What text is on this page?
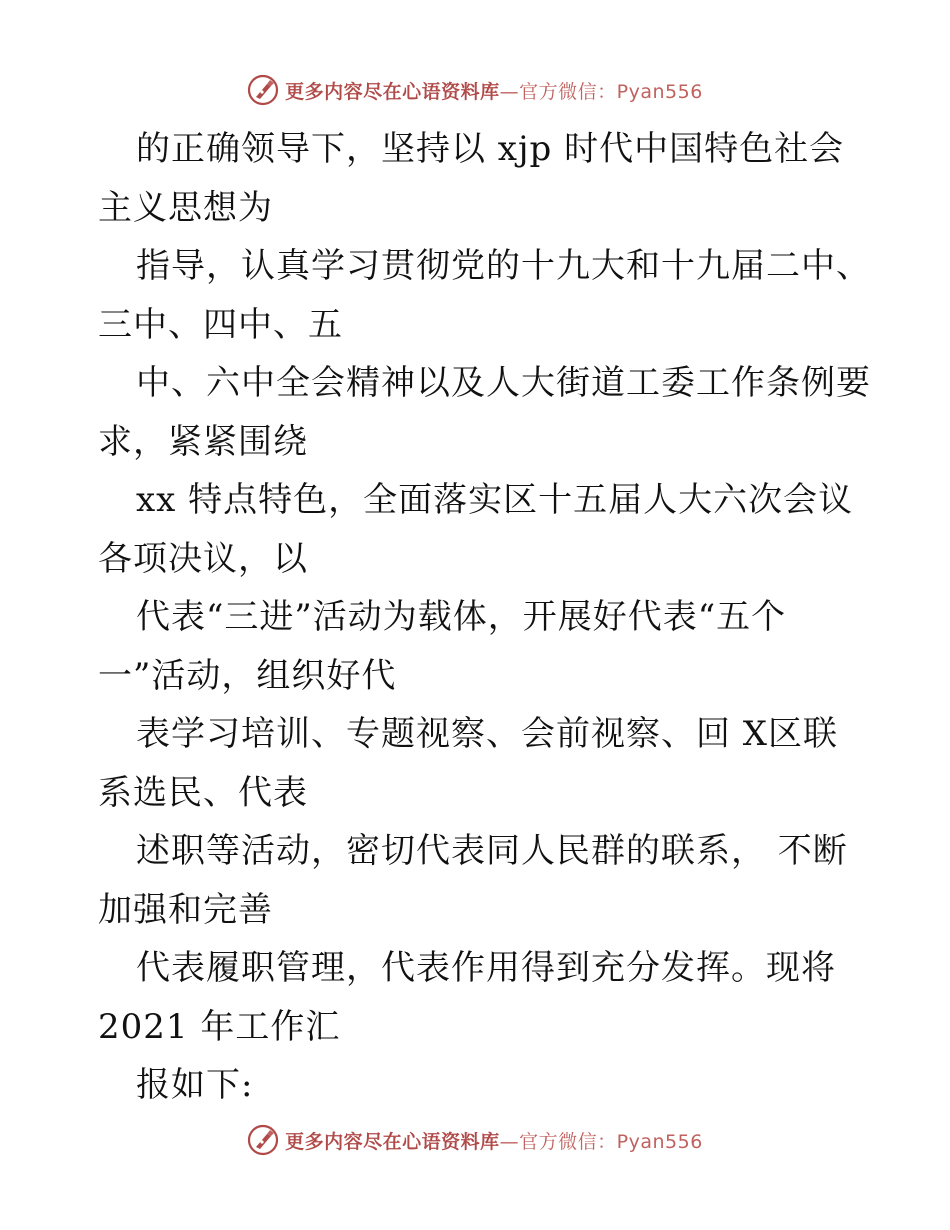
更多内容尽在心语资料库—官方微信：Pyan556
的正确领导下，坚持以 xjp 时代中国特色社会
主义思想为
指导，认真学习贯彻党的十九大和十九届二中、
三中、四中、五
中、六中全会精神以及人大街道工委工作条例要
求，紧紧围绕
xx 特点特色，全面落实区十五届人大六次会议
各项决议，以
代表“三进”活动为载体，开展好代表“五个
一”活动，组织好代
表学习培训、专题视察、会前视察、回 X区联
系选民、代表
述职等活动，密切代表同人民群的联系， 不断
加强和完善
代表履职管理，代表作用得到充分发挥。现将
2021 年工作汇
报如下:
更多内容尽在心语资料库—官方微信：Pyan556
